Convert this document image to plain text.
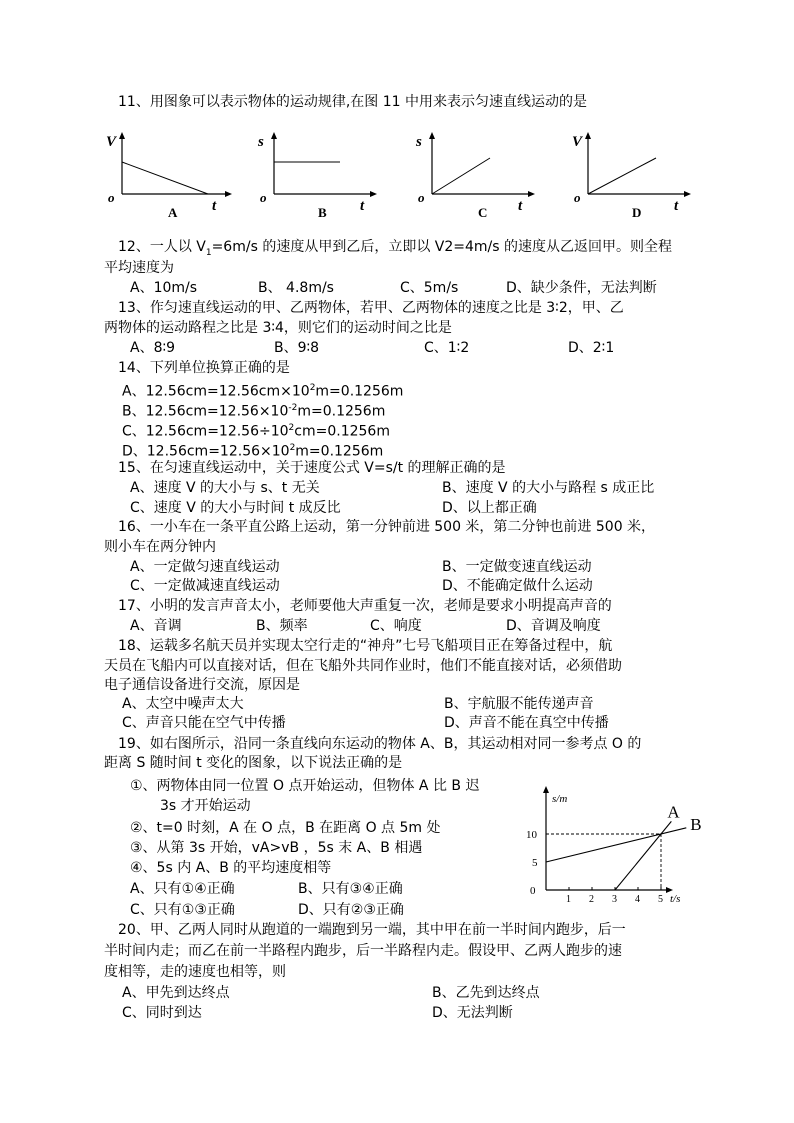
11、用图象可以表示物体的运动规律,在图 11 中用来表示匀速直线运动的是
V
o
t
A
s
o
t
B
s
o
t
C
V
o
t
D
12、一人以 $V_1=6m/s$ 的速度从甲到乙后，立即以 V2=4m/s 的速度从乙返回甲。则全程
平均速度为
A、10m/s	B、 4.8m/s	C、5m/s	D、缺少条件，无法判断
13、作匀速直线运动的甲、乙两物体，若甲、乙两物体的速度之比是 3∶2，甲、乙
两物体的运动路程之比是 3∶4，则它们的运动时间之比是
A、8∶9	B、9∶8	C、1∶2	D、2∶1
14、下列单位换算正确的是
A、$12.56cm=12.56cm\times 10^2m=0.1256m$
B、$12.56cm=12.56\times 10^{-2}m=0.1256m$
C、$12.56cm=12.56\div 10^2cm=0.1256m$
D、$12.56cm=12.56\times 10^2m=0.1256m$
15、在匀速直线运动中，关于速度公式 V=s/t 的理解正确的是
A、速度 V 的大小与 s、t 无关	B、速度 V 的大小与路程 s 成正比
C、速度 V 的大小与时间 t 成反比	D、以上都正确
16、一小车在一条平直公路上运动，第一分钟前进 500 米，第二分钟也前进 500 米，
则小车在两分钟内
A、一定做匀速直线运动	B、一定做变速直线运动
C、一定做减速直线运动	D、不能确定做什么运动
17、小明的发言声音太小，老师要他大声重复一次，老师是要求小明提高声音的
A、音调	B、频率	C、响度	D、音调及响度
18、运载多名航天员并实现太空行走的“神舟”七号飞船项目正在筹备过程中，航
天员在飞船内可以直接对话，但在飞船外共同作业时，他们不能直接对话，必须借助
电子通信设备进行交流，原因是
A、太空中噪声太大	B、宇航服不能传递声音
C、声音只能在空气中传播	D、声音不能在真空中传播
19、如右图所示，沿同一条直线向东运动的物体 A、B，其运动相对同一参考点 O 的
距离 S 随时间 t 变化的图象，以下说法正确的是
①、两物体由同一位置 O 点开始运动，但物体 A 比 B 迟
3s 才开始运动
②、t=0 时刻，A 在 O 点，B 在距离 O 点 5m 处
③、从第 3s 开始，vA>vB ，5s 末 A、B 相遇
④、5s 内 A、B 的平均速度相等
A、只有①④正确	B、只有③④正确
C、只有①③正确	D、只有②③正确
s/m
t/s
1 2 3 4 5
0
5
10
A
B
20、甲、乙两人同时从跑道的一端跑到另一端，其中甲在前一半时间内跑步，后一
半时间内走；而乙在前一半路程内跑步，后一半路程内走。假设甲、乙两人跑步的速
度相等，走的速度也相等，则
A、甲先到达终点	B、乙先到达终点
C、同时到达	D、无法判断
